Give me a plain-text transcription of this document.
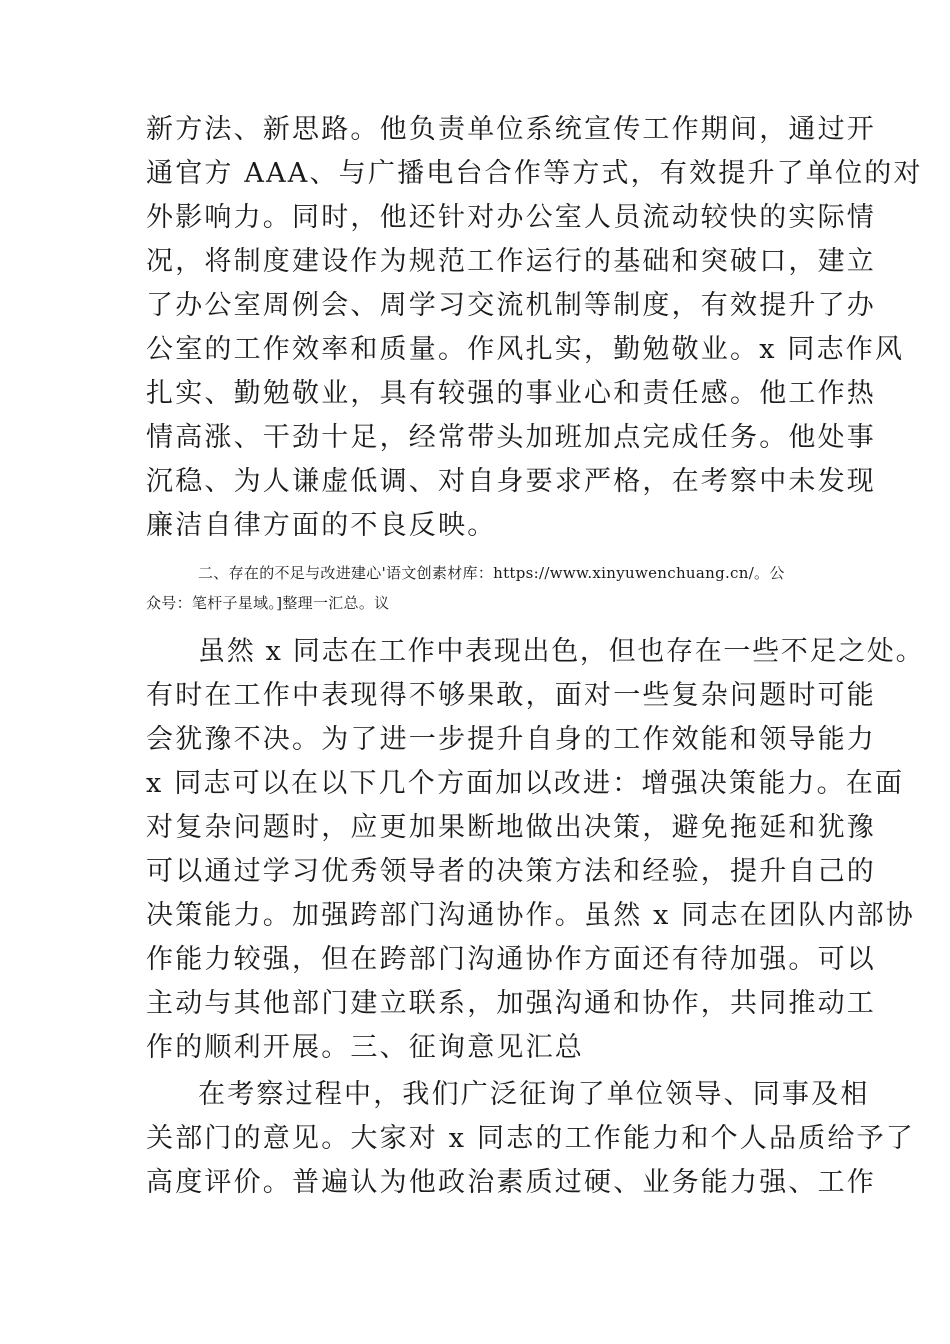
新方法、新思路。他负责单位系统宣传工作期间，通过开
通官方 AAA、与广播电台合作等方式，有效提升了单位的对
外影响力。同时，他还针对办公室人员流动较快的实际情
况，将制度建设作为规范工作运行的基础和突破口，建立
了办公室周例会、周学习交流机制等制度，有效提升了办
公室的工作效率和质量。作风扎实，勤勉敬业。x 同志作风
扎实、勤勉敬业，具有较强的事业心和责任感。他工作热
情高涨、干劲十足，经常带头加班加点完成任务。他处事
沉稳、为人谦虚低调、对自身要求严格，在考察中未发现
廉洁自律方面的不良反映。
二、存在的不足与改进建心'语文创素材库：https://www.xinyuwenchuang.cn/。公
众号：笔杆子星域。]整理一汇总。议
虽然 x 同志在工作中表现出色，但也存在一些不足之处。
有时在工作中表现得不够果敢，面对一些复杂问题时可能
会犹豫不决。为了进一步提升自身的工作效能和领导能力
x 同志可以在以下几个方面加以改进：增强决策能力。在面
对复杂问题时，应更加果断地做出决策，避免拖延和犹豫
可以通过学习优秀领导者的决策方法和经验，提升自己的
决策能力。加强跨部门沟通协作。虽然 x 同志在团队内部协
作能力较强，但在跨部门沟通协作方面还有待加强。可以
主动与其他部门建立联系，加强沟通和协作，共同推动工
作的顺利开展。三、征询意见汇总
在考察过程中，我们广泛征询了单位领导、同事及相
关部门的意见。大家对 x 同志的工作能力和个人品质给予了
高度评价。普遍认为他政治素质过硬、业务能力强、工作
